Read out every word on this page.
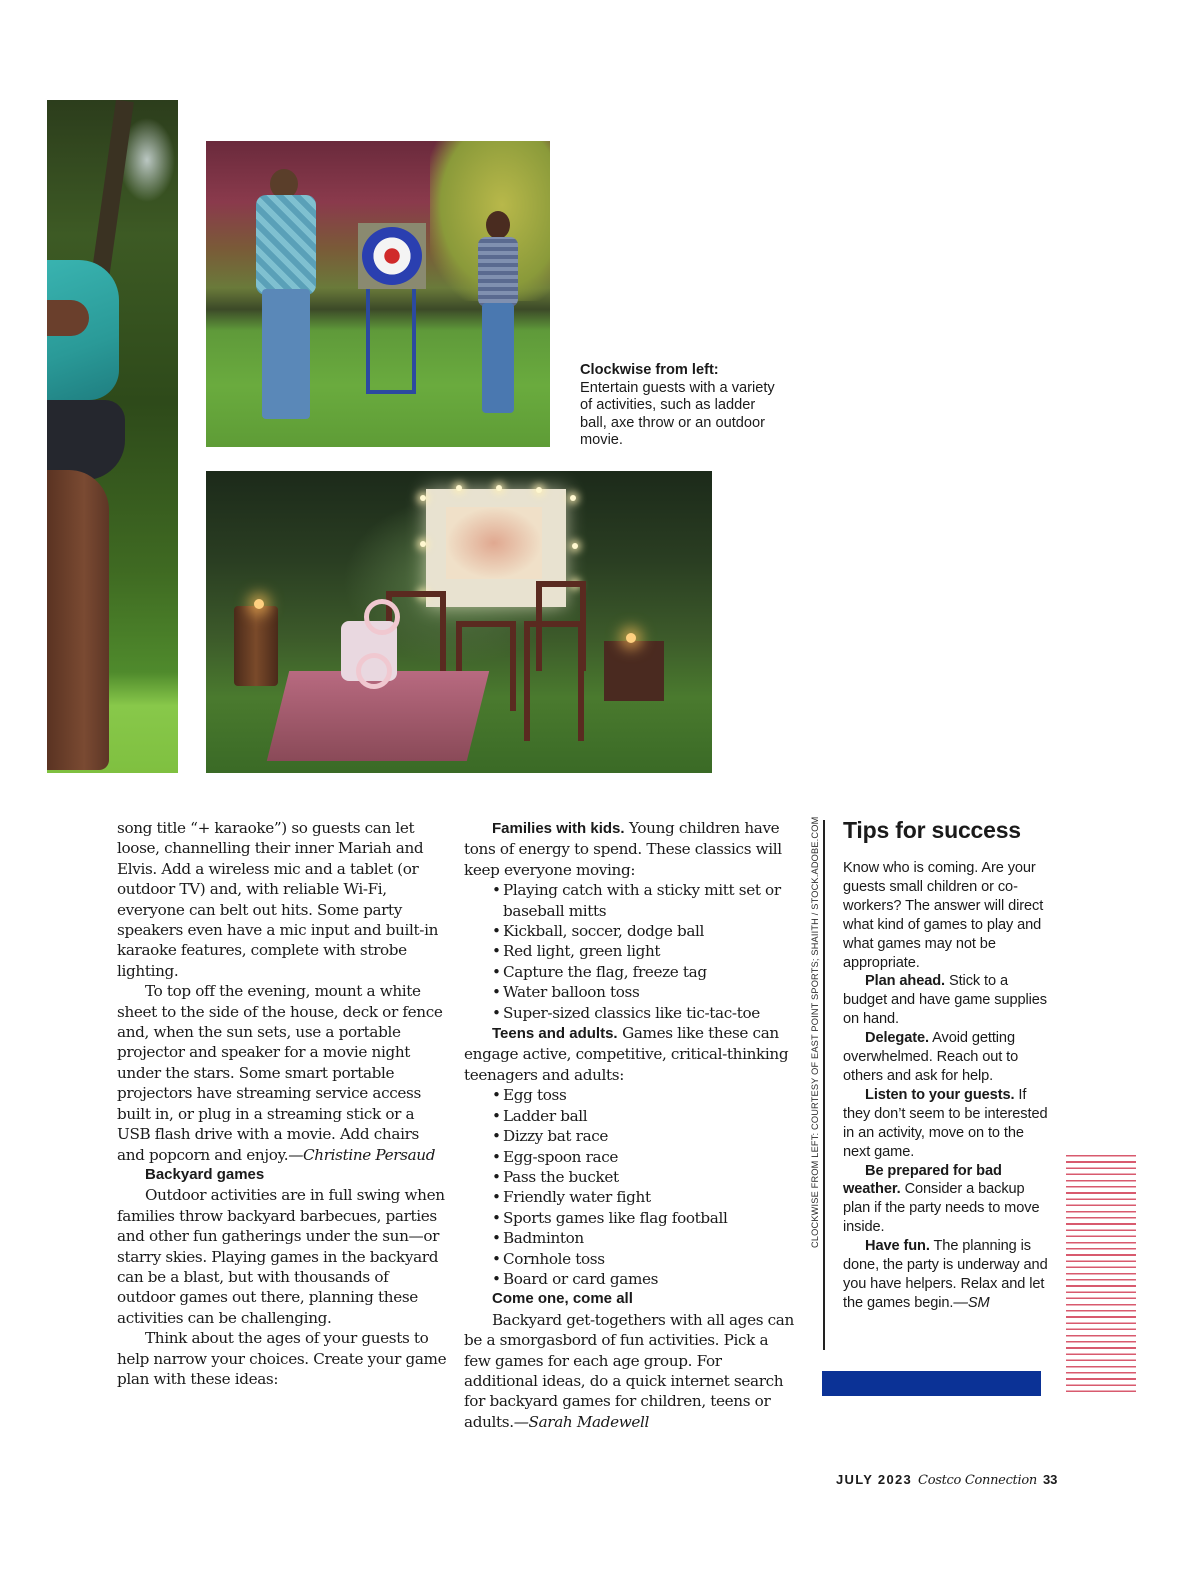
Clockwise from left:
Entertain guests with a variety of activities, such as ladder ball, axe throw or an outdoor movie.

song title “+ karaoke”) so guests can let loose, channelling their inner Mariah and Elvis. Add a wireless mic and a tablet (or outdoor TV) and, with reliable Wi-Fi, everyone can belt out hits. Some party speakers even have a mic input and built-in karaoke features, complete with strobe lighting.

To top off the evening, mount a white sheet to the side of the house, deck or fence and, when the sun sets, use a portable projector and speaker for a movie night under the stars. Some smart portable projectors have streaming service access built in, or plug in a streaming stick or a USB flash drive with a movie. Add chairs and popcorn and enjoy.—Christine Persaud

Backyard games

Outdoor activities are in full swing when families throw backyard barbecues, parties and other fun gatherings under the sun—or starry skies. Playing games in the backyard can be a blast, but with thousands of outdoor games out there, planning these activities can be challenging.

Think about the ages of your guests to help narrow your choices. Create your game plan with these ideas:

Families with kids. Young children have tons of energy to spend. These classics will keep everyone moving:

• Playing catch with a sticky mitt set or baseball mitts
• Kickball, soccer, dodge ball
• Red light, green light
• Capture the flag, freeze tag
• Water balloon toss
• Super-sized classics like tic-tac-toe

Teens and adults. Games like these can engage active, competitive, critical-thinking teenagers and adults:

• Egg toss
• Ladder ball
• Dizzy bat race
• Egg-spoon race
• Pass the bucket
• Friendly water fight
• Sports games like flag football
• Badminton
• Cornhole toss
• Board or card games

Come one, come all

Backyard get-togethers with all ages can be a smorgasbord of fun activities. Pick a few games for each age group. For additional ideas, do a quick internet search for backyard games for children, teens or adults.—Sarah Madewell

CLOCKWISE FROM LEFT: COURTESY OF EAST POINT SPORTS; SHAIITH / STOCK.ADOBE.COM Tips for success

Know who is coming. Are your guests small children or co-workers? The answer will direct what kind of games to play and what games may not be appropriate.

Plan ahead. Stick to a budget and have game supplies on hand.

Delegate. Avoid getting overwhelmed. Reach out to others and ask for help.

Listen to your guests. If they don’t seem to be interested in an activity, move on to the next game.

Be prepared for bad weather. Consider a backup plan if the party needs to move inside.

Have fun. The planning is done, the party is underway and you have helpers. Relax and let the games begin.—SM

JULY 2023 Costco Connection 33
